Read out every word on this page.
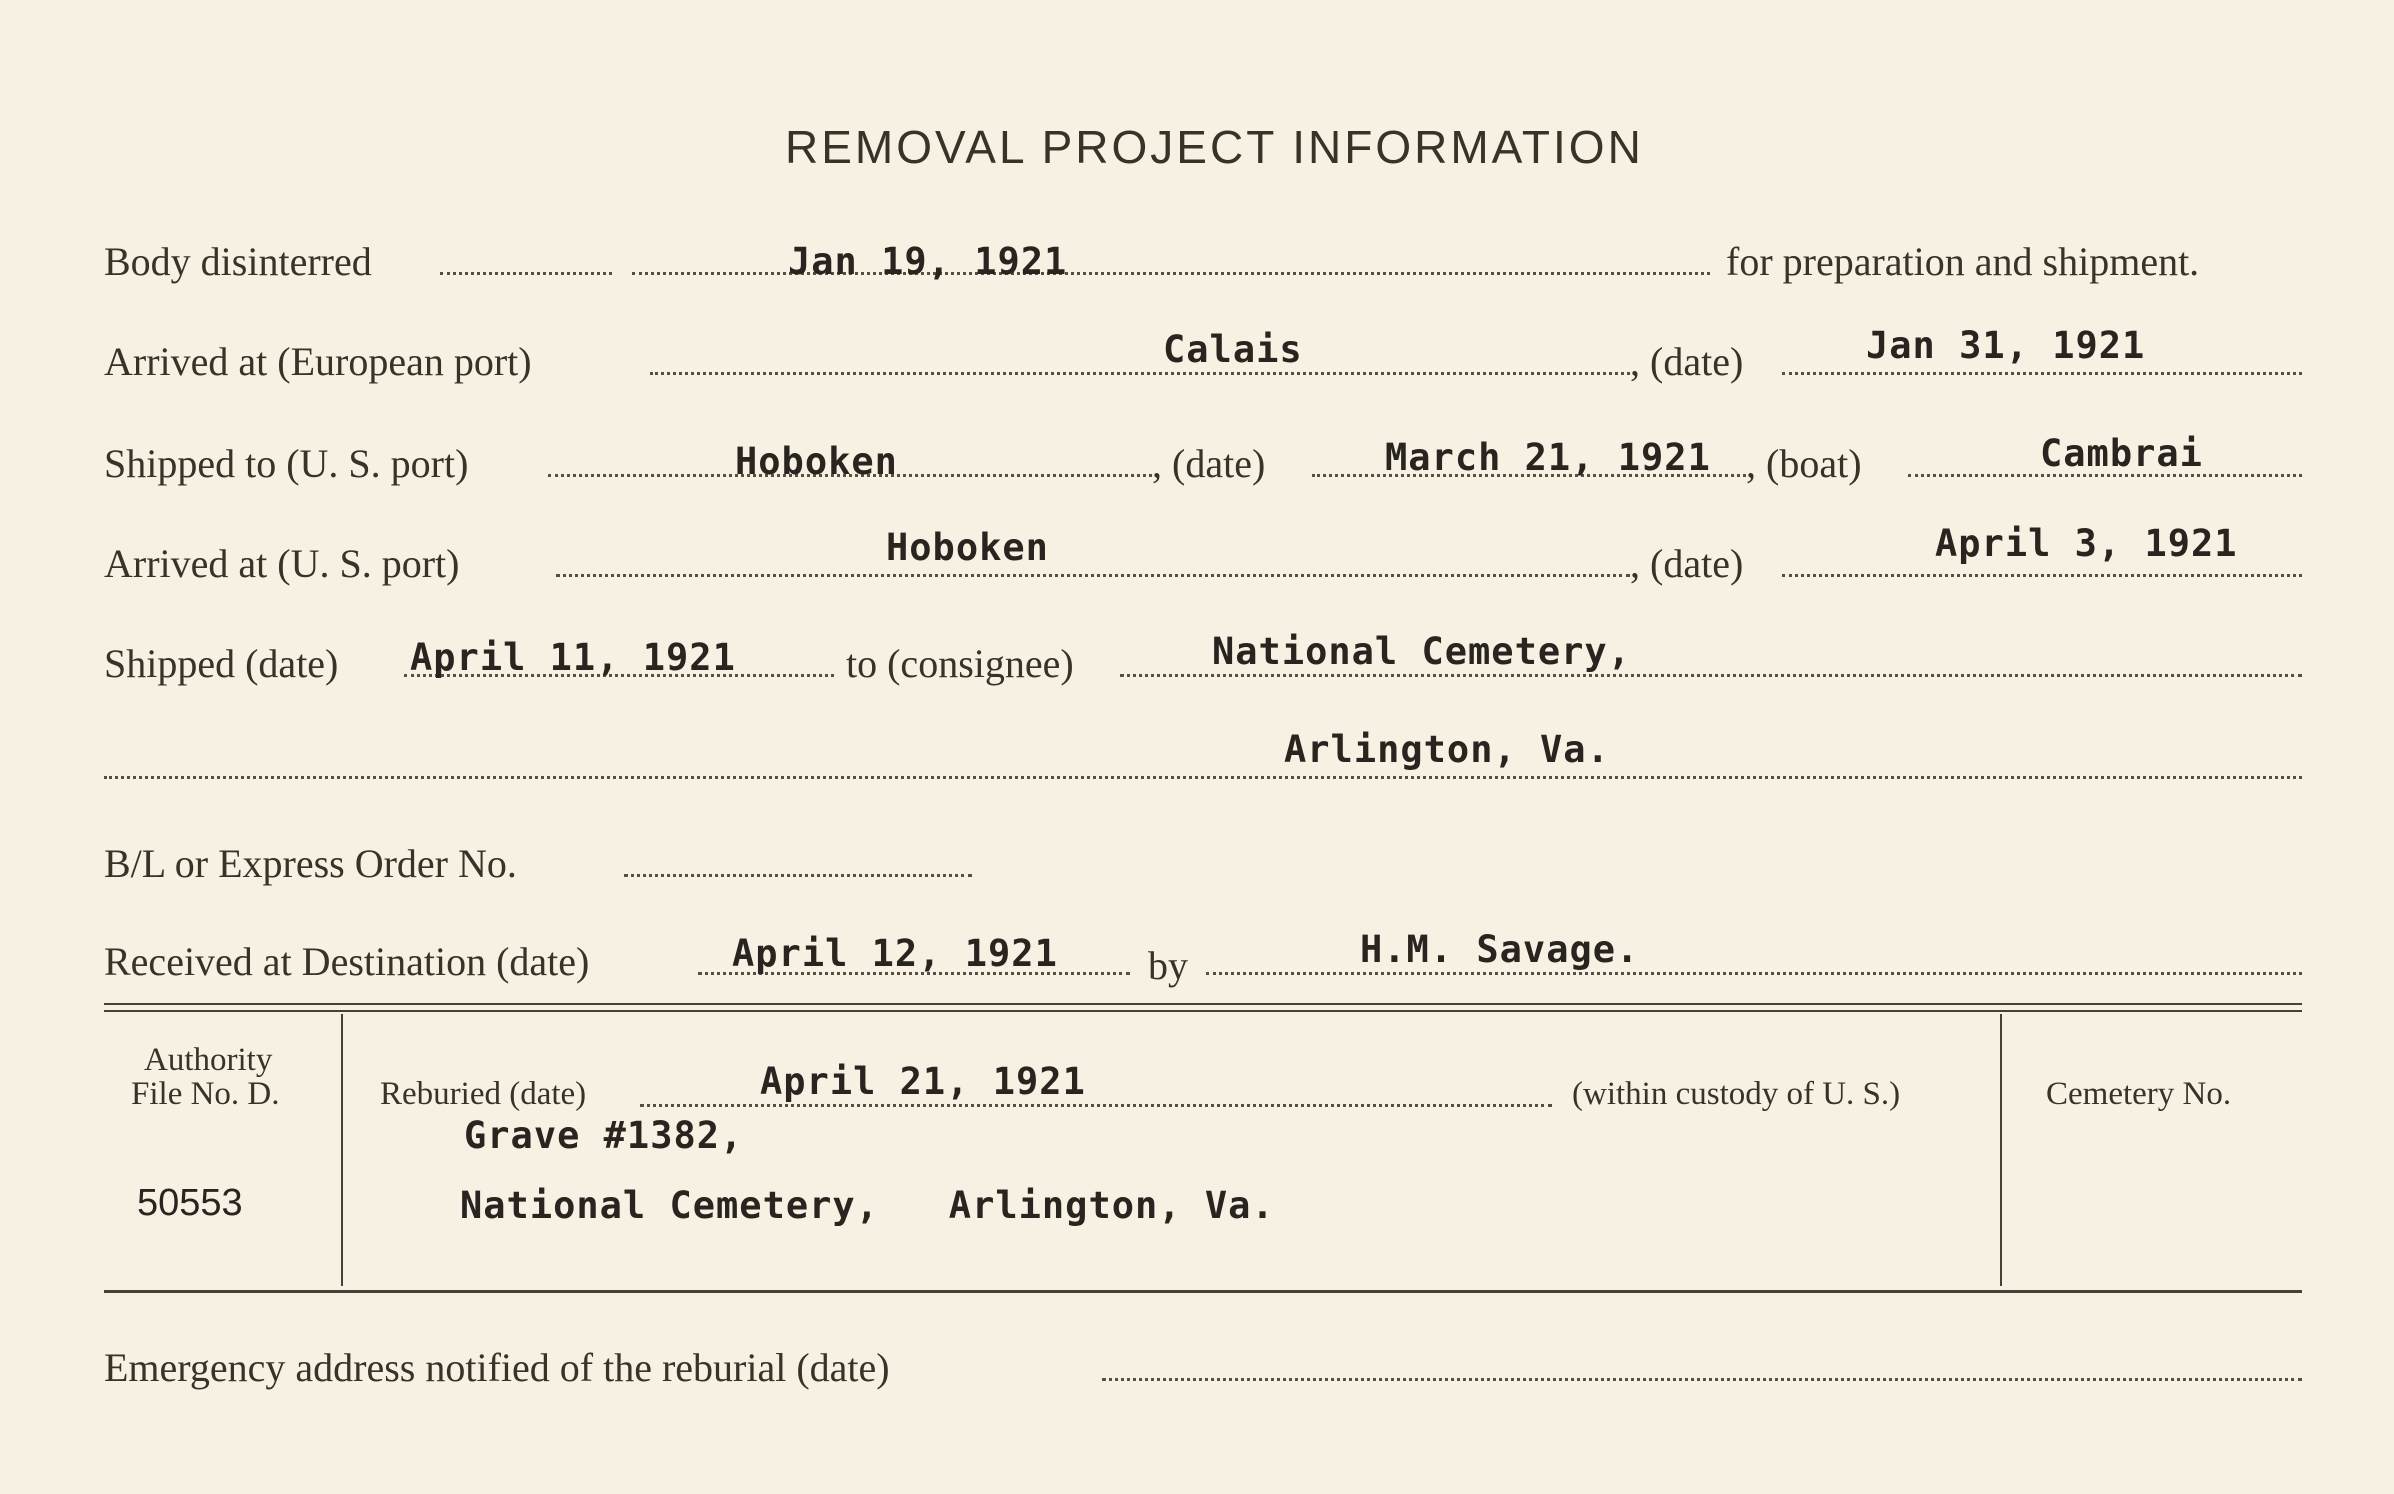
REMOVAL PROJECT INFORMATION
Body disinterred	Jan 19, 1921	for preparation and shipment.
Arrived at (European port)	Calais	, (date)	Jan 31, 1921
Shipped to (U. S. port)	Hoboken	, (date)	March 21, 1921 , (boat)	Cambrai
Arrived at (U. S. port)	Hoboken	, (date)	April 3, 1921
Shipped (date) April 11, 1921	to (consignee)	National Cemetery,
Arlington, Va.
B/L or Express Order No.
Received at Destination (date)	April 12, 1921 by	H.M. Savage.
Authority
File No. D.
50553
Reburied (date)	April 21, 1921	(within custody of U. S.)
Grave #1382,
National Cemetery,   Arlington, Va.
Cemetery No.
Emergency address notified of the reburial (date)
